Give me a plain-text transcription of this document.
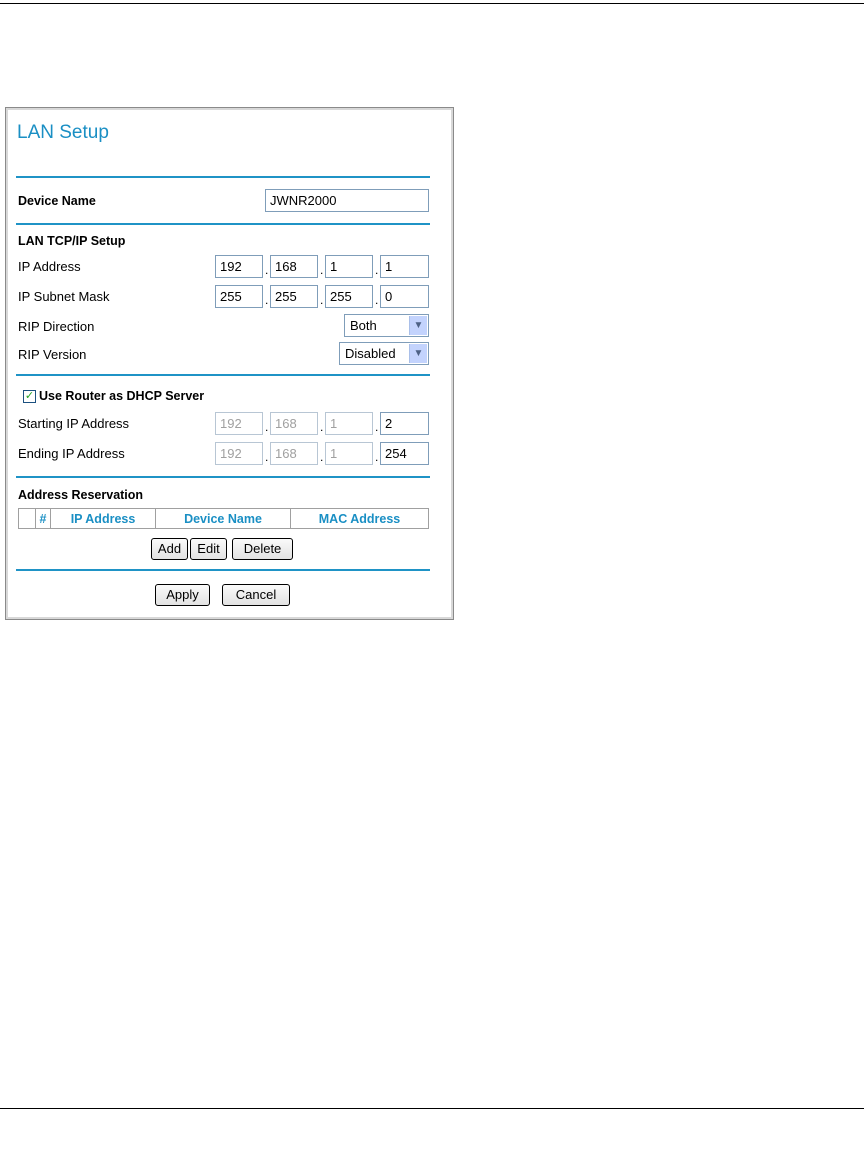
LAN Setup
Device Name	JWNR2000
LAN TCP/IP Setup
IP Address	192	. 168	. 1	. 1
IP Subnet Mask	255	. 255	. 255	. 0
RIP Direction	Both	▼
RIP Version	Disabled	▼
✓ Use Router as DHCP Server
Starting IP Address	192	. 168	. 1	. 2
Ending IP Address	192	. 168	. 1	. 254
Address Reservation
	#	IP Address	Device Name	MAC Address
Add	Edit	Delete
Apply	Cancel
